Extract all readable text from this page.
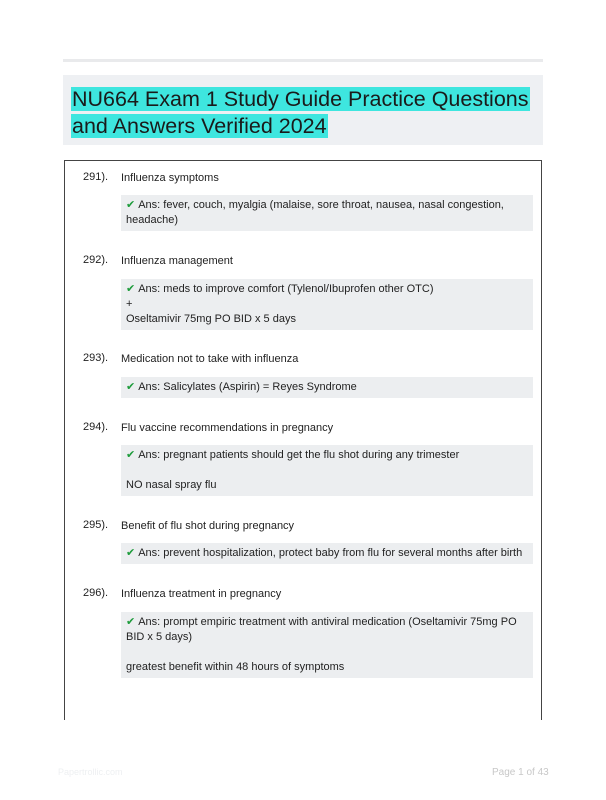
NU664 Exam 1 Study Guide Practice Questions
and Answers Verified 2024
291). Influenza symptoms

✔ Ans: fever, couch, myalgia (malaise, sore throat, nausea, nasal congestion, headache)

292). Influenza management

✔ Ans: meds to improve comfort (Tylenol/Ibuprofen other OTC)

+

Oseltamivir 75mg PO BID x 5 days

293). Medication not to take with influenza

✔ Ans: Salicylates (Aspirin) = Reyes Syndrome

294). Flu vaccine recommendations in pregnancy

✔ Ans: pregnant patients should get the flu shot during any trimester

NO nasal spray flu

295). Benefit of flu shot during pregnancy

✔ Ans: prevent hospitalization, protect baby from flu for several months after birth

296). Influenza treatment in pregnancy

✔ Ans: prompt empiric treatment with antiviral medication (Oseltamivir 75mg PO BID x 5 days)

greatest benefit within 48 hours of symptoms

Papertrollic.com	Page 1 of 43
